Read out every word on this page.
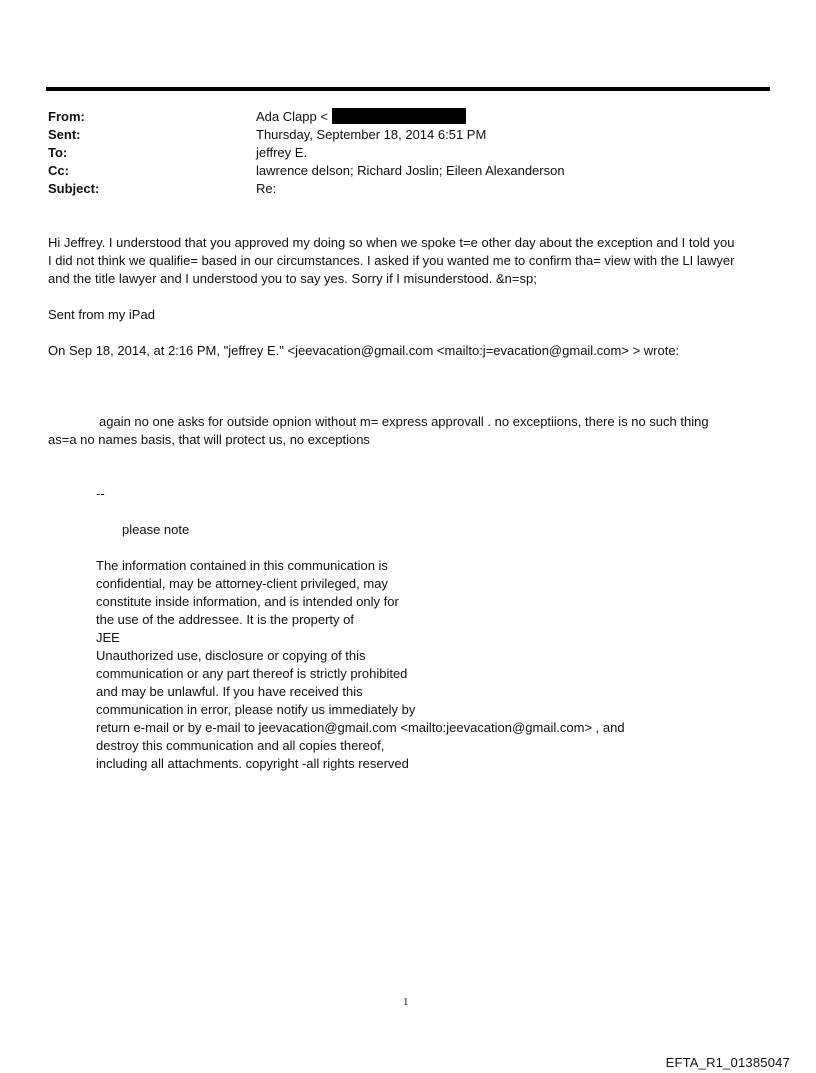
From:	Ada Clapp <
Sent:	Thursday, September 18, 2014 6:51 PM
To:	jeffrey E.
Cc:	lawrence delson; Richard Joslin; Eileen Alexanderson
Subject:	Re:
Hi Jeffrey. I understood that you approved my doing so when we spoke t=e other day about the exception and I told you
I did not think we qualifie= based in our circumstances. I asked if you wanted me to confirm tha= view with the LI lawyer
and the title lawyer and I understood you to say yes. Sorry if I misunderstood. &n=sp;
Sent from my iPad
On Sep 18, 2014, at 2:16 PM, "jeffrey E." <jeevacation@gmail.com <mailto:j=evacation@gmail.com> > wrote:
again no one asks for outside opnion without m= express approvall . no exceptiions, there is no such thing
as=a no names basis, that will protect us, no exceptions
--
please note
The information contained in this communication is
confidential, may be attorney-client privileged, may
constitute inside information, and is intended only for
the use of the addressee. It is the property of
JEE
Unauthorized use, disclosure or copying of this
communication or any part thereof is strictly prohibited
and may be unlawful. If you have received this
communication in error, please notify us immediately by
return e-mail or by e-mail to jeevacation@gmail.com <mailto:jeevacation@gmail.com> , and
destroy this communication and all copies thereof,
including all attachments. copyright -all rights reserved
1
EFTA_R1_01385047
